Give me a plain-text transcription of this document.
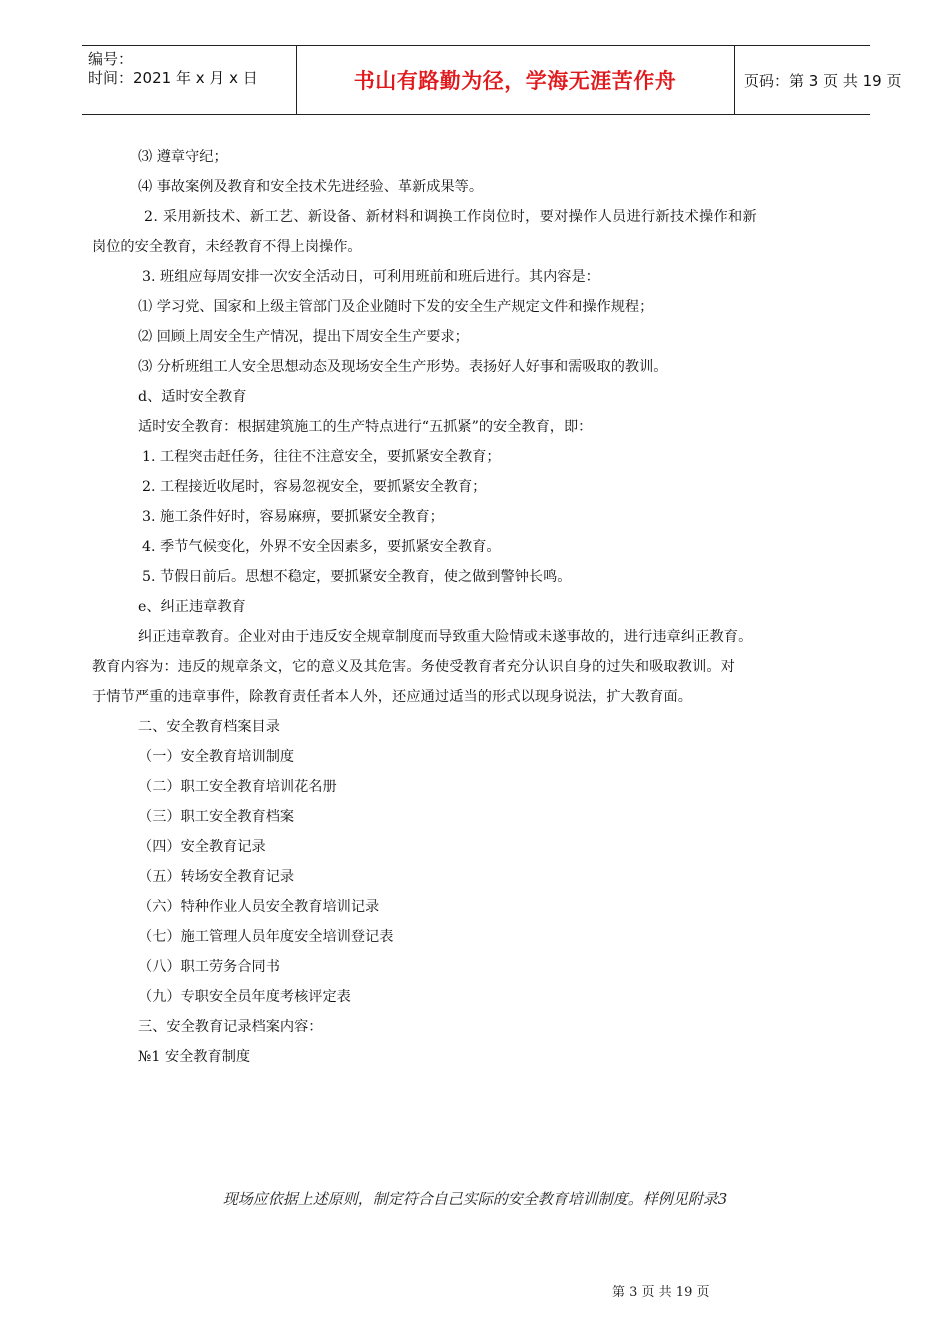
编号：
时间：2021 年 x 月 x 日	书山有路勤为径，学海无涯苦作舟	页码：第 3 页 共 19 页
⑶ 遵章守纪；
⑷ 事故案例及教育和安全技术先进经验、革新成果等。
2. 采用新技术、新工艺、新设备、新材料和调换工作岗位时，要对操作人员进行新技术操作和新
岗位的安全教育，未经教育不得上岗操作。
3. 班组应每周安排一次安全活动日，可利用班前和班后进行。其内容是：
⑴ 学习党、国家和上级主管部门及企业随时下发的安全生产规定文件和操作规程；
⑵ 回顾上周安全生产情况，提出下周安全生产要求；
⑶ 分析班组工人安全思想动态及现场安全生产形势。表扬好人好事和需吸取的教训。
d、适时安全教育
适时安全教育：根据建筑施工的生产特点进行“五抓紧”的安全教育，即：
1. 工程突击赶任务，往往不注意安全，要抓紧安全教育；
2. 工程接近收尾时，容易忽视安全，要抓紧安全教育；
3. 施工条件好时，容易麻痹，要抓紧安全教育；
4. 季节气候变化，外界不安全因素多，要抓紧安全教育。
5. 节假日前后。思想不稳定，要抓紧安全教育，使之做到警钟长鸣。
e、纠正违章教育
纠正违章教育。企业对由于违反安全规章制度而导致重大险情或未遂事故的，进行违章纠正教育。
教育内容为：违反的规章条文，它的意义及其危害。务使受教育者充分认识自身的过失和吸取教训。对
于情节严重的违章事件，除教育责任者本人外，还应通过适当的形式以现身说法，扩大教育面。
二、安全教育档案目录
（一）安全教育培训制度
（二）职工安全教育培训花名册
（三）职工安全教育档案
（四）安全教育记录
（五）转场安全教育记录
（六）特种作业人员安全教育培训记录
（七）施工管理人员年度安全培训登记表
（八）职工劳务合同书
（九）专职安全员年度考核评定表
三、安全教育记录档案内容：
№1 安全教育制度
现场应依据上述原则，制定符合自己实际的安全教育培训制度。样例见附录3
第 3 页 共 19 页
